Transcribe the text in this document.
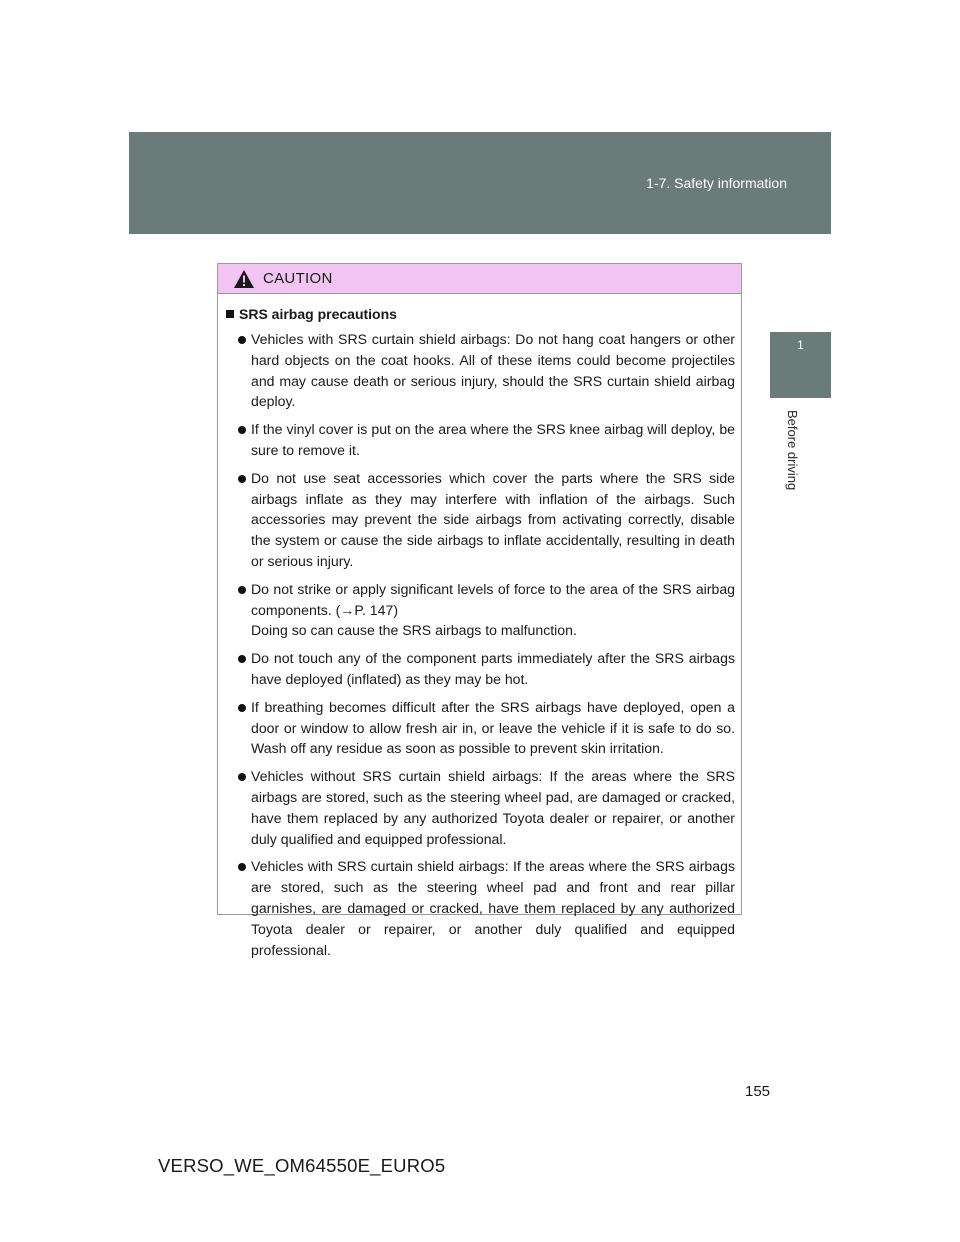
1-7. Safety information
1
Before driving
CAUTION
SRS airbag precautions
Vehicles with SRS curtain shield airbags: Do not hang coat hangers or other hard objects on the coat hooks. All of these items could become projectiles and may cause death or serious injury, should the SRS curtain shield airbag deploy.
If the vinyl cover is put on the area where the SRS knee airbag will deploy, be sure to remove it.
Do not use seat accessories which cover the parts where the SRS side airbags inflate as they may interfere with inflation of the airbags. Such accessories may prevent the side airbags from activating correctly, disable the system or cause the side airbags to inflate accidentally, resulting in death or serious injury.
Do not strike or apply significant levels of force to the area of the SRS airbag components. (→P. 147)
Doing so can cause the SRS airbags to malfunction.
Do not touch any of the component parts immediately after the SRS airbags have deployed (inflated) as they may be hot.
If breathing becomes difficult after the SRS airbags have deployed, open a door or window to allow fresh air in, or leave the vehicle if it is safe to do so. Wash off any residue as soon as possible to prevent skin irritation.
Vehicles without SRS curtain shield airbags: If the areas where the SRS airbags are stored, such as the steering wheel pad, are damaged or cracked, have them replaced by any authorized Toyota dealer or repairer, or another duly qualified and equipped professional.
Vehicles with SRS curtain shield airbags: If the areas where the SRS airbags are stored, such as the steering wheel pad and front and rear pillar garnishes, are damaged or cracked, have them replaced by any authorized Toyota dealer or repairer, or another duly qualified and equipped professional.
155
VERSO_WE_OM64550E_EURO5
